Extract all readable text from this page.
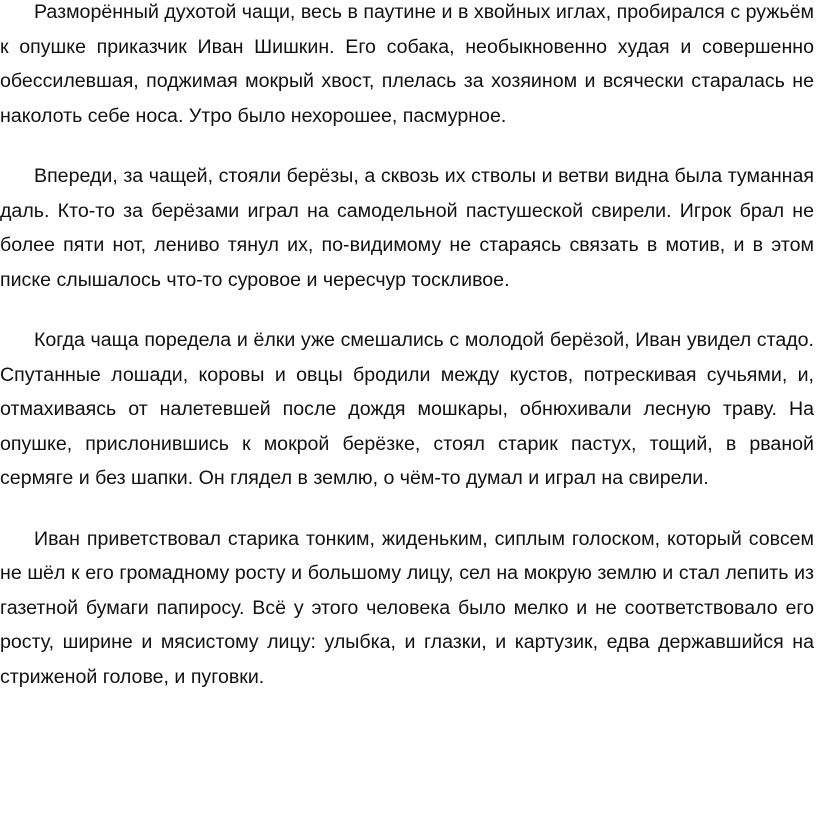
Разморённый духотой чащи, весь в паутине и в хвойных иглах, пробирался с ружьём к опушке приказчик Иван Шишкин. Его собака, необыкновенно худая и совершенно обессилевшая, поджимая мокрый хвост, плелась за хозяином и всячески старалась не наколоть себе носа. Утро было нехорошее, пасмурное.

Впереди, за чащей, стояли берёзы, а сквозь их стволы и ветви видна была туманная даль. Кто-то за берёзами играл на самодельной пастушеской свирели. Игрок брал не более пяти нот, лениво тянул их, по-видимому не стараясь связать в мотив, и в этом писке слышалось что-то суровое и чересчур тоскливое.

Когда чаща поредела и ёлки уже смешались с молодой берёзой, Иван увидел стадо. Спутанные лошади, коровы и овцы бродили между кустов, потрескивая сучьями, и, отмахиваясь от налетевшей после дождя мошкары, обнюхивали лесную траву. На опушке, прислонившись к мокрой берёзке, стоял старик пастух, тощий, в рваной сермяге и без шапки. Он глядел в землю, о чём-то думал и играл на свирели.

Иван приветствовал старика тонким, жиденьким, сиплым голоском, который совсем не шёл к его громадному росту и большому лицу, сел на мокрую землю и стал лепить из газетной бумаги папиросу. Всё у этого человека было мелко и не соответствовало его росту, ширине и мясистому лицу: улыбка, и глазки, и картузик, едва державшийся на стриженой голове, и пуговки.
